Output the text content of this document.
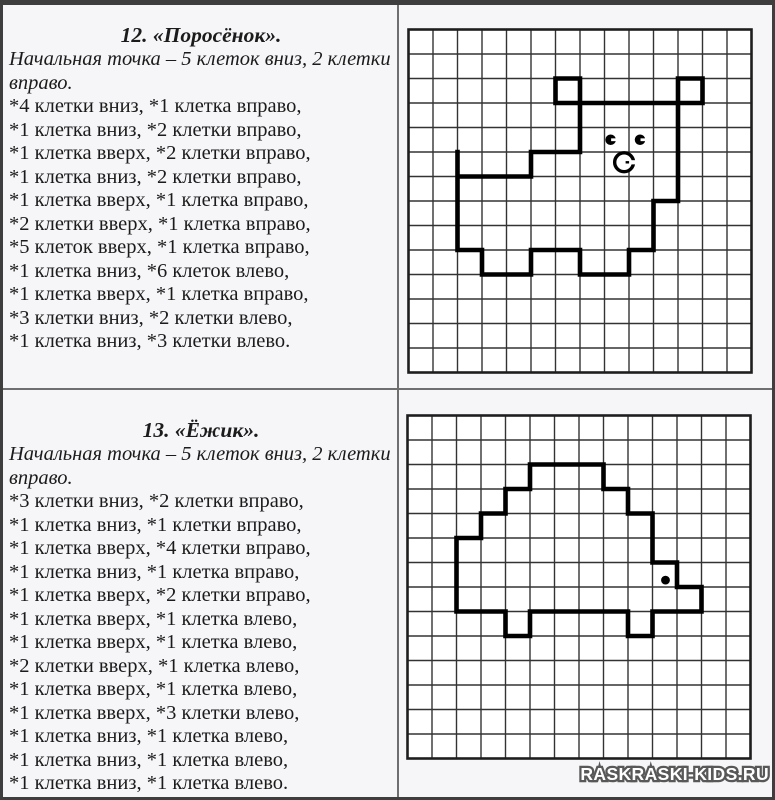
12. «Поросёнок».
Начальная точка – 5 клеток вниз, 2 клетки вправо.
*4 клетки вниз, *1 клетка вправо,
*1 клетка вниз, *2 клетки вправо,
*1 клетка вверх, *2 клетки вправо,
*1 клетка вниз, *2 клетки вправо,
*1 клетка вверх, *1 клетка вправо,
*2 клетки вверх, *1 клетка вправо,
*5 клеток вверх, *1 клетка вправо,
*1 клетка вниз, *6 клеток влево,
*1 клетка вверх, *1 клетка вправо,
*3 клетки вниз, *2 клетки влево,
*1 клетка вниз, *3 клетки влево.
13. «Ёжик».
Начальная точка – 5 клеток вниз, 2 клетки вправо.
*3 клетки вниз, *2 клетки вправо,
*1 клетка вниз, *1 клетки вправо,
*1 клетка вверх, *4 клетки вправо,
*1 клетка вниз, *1 клетка вправо,
*1 клетка вверх, *2 клетки вправо,
*1 клетка вверх, *1 клетка влево,
*1 клетка вверх, *1 клетка влево,
*2 клетки вверх, *1 клетка влево,
*1 клетка вверх, *1 клетка влево,
*1 клетка вверх, *3 клетки влево,
*1 клетка вниз, *1 клетка влево,
*1 клетка вниз, *1 клетка влево,
*1 клетка вниз, *1 клетка влево.	RASKRASKI-KIDS.RU
